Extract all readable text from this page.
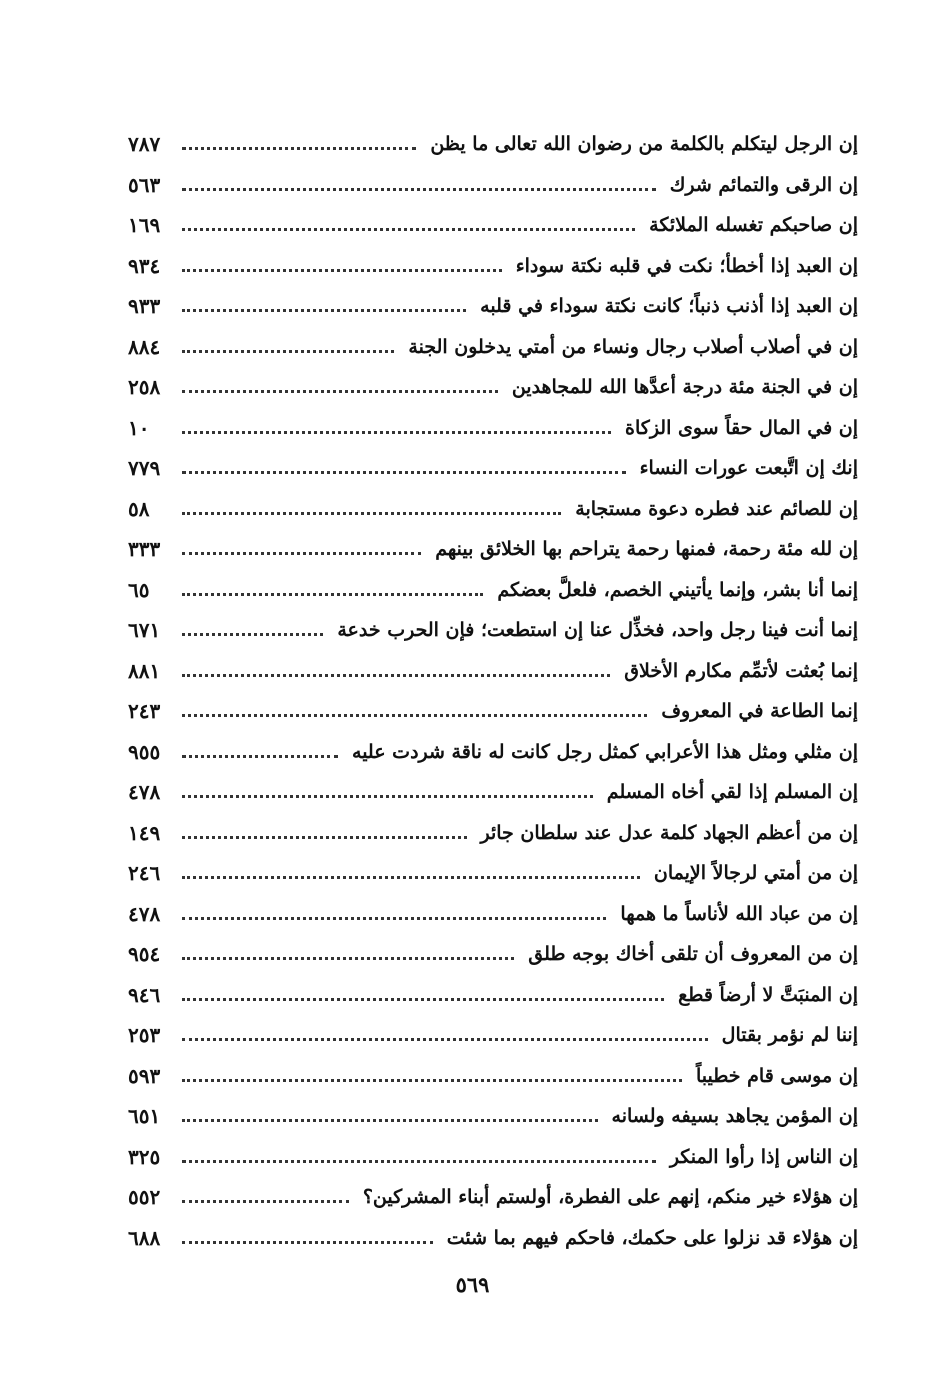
إن الرجل ليتكلم بالكلمة من رضوان الله تعالى ما يظن
٧٨٧
إن الرقى والتمائم شرك
٥٦٣
إن صاحبكم تغسله الملائكة
١٦٩
إن العبد إذا أخطأ؛ نكت في قلبه نكتة سوداء
٩٣٤
إن العبد إذا أذنب ذنباً؛ كانت نكتة سوداء في قلبه
٩٣٣
إن في أصلاب أصلاب رجال ونساء من أمتي يدخلون الجنة
٨٨٤
إن في الجنة مئة درجة أعدَّها الله للمجاهدين
٢٥٨
إن في المال حقاً سوى الزكاة
١٠
إنك إن اتَّبعت عورات النساء
٧٧٩
إن للصائم عند فطره دعوة مستجابة
٥٨
إن لله مئة رحمة، فمنها رحمة يتراحم بها الخلائق بينهم
٣٣٣
إنما أنا بشر، وإنما يأتيني الخصم، فلعلَّ بعضكم
٦٥
إنما أنت فينا رجل واحد، فخذِّل عنا إن استطعت؛ فإن الحرب خدعة
٦٧١
إنما بُعثت لأتمِّم مكارم الأخلاق
٨٨١
إنما الطاعة في المعروف
٢٤٣
إن مثلي ومثل هذا الأعرابي كمثل رجل كانت له ناقة شردت عليه
٩٥٥
إن المسلم إذا لقي أخاه المسلم
٤٧٨
إن من أعظم الجهاد كلمة عدل عند سلطان جائر
١٤٩
إن من أمتي لرجالاً الإيمان
٢٤٦
إن من عباد الله لأناساً ما همها
٤٧٨
إن من المعروف أن تلقى أخاك بوجه طلق
٩٥٤
إن المنبَتَّ لا أرضاً قطع
٩٤٦
إننا لم نؤمر بقتال
٢٥٣
إن موسى قام خطيباً
٥٩٣
إن المؤمن يجاهد بسيفه ولسانه
٦٥١
إن الناس إذا رأوا المنكر
٣٢٥
إن هؤلاء خير منكم، إنهم على الفطرة، أولستم أبناء المشركين؟
٥٥٢
إن هؤلاء قد نزلوا على حكمك، فاحكم فيهم بما شئت
٦٨٨
٥٦٩
